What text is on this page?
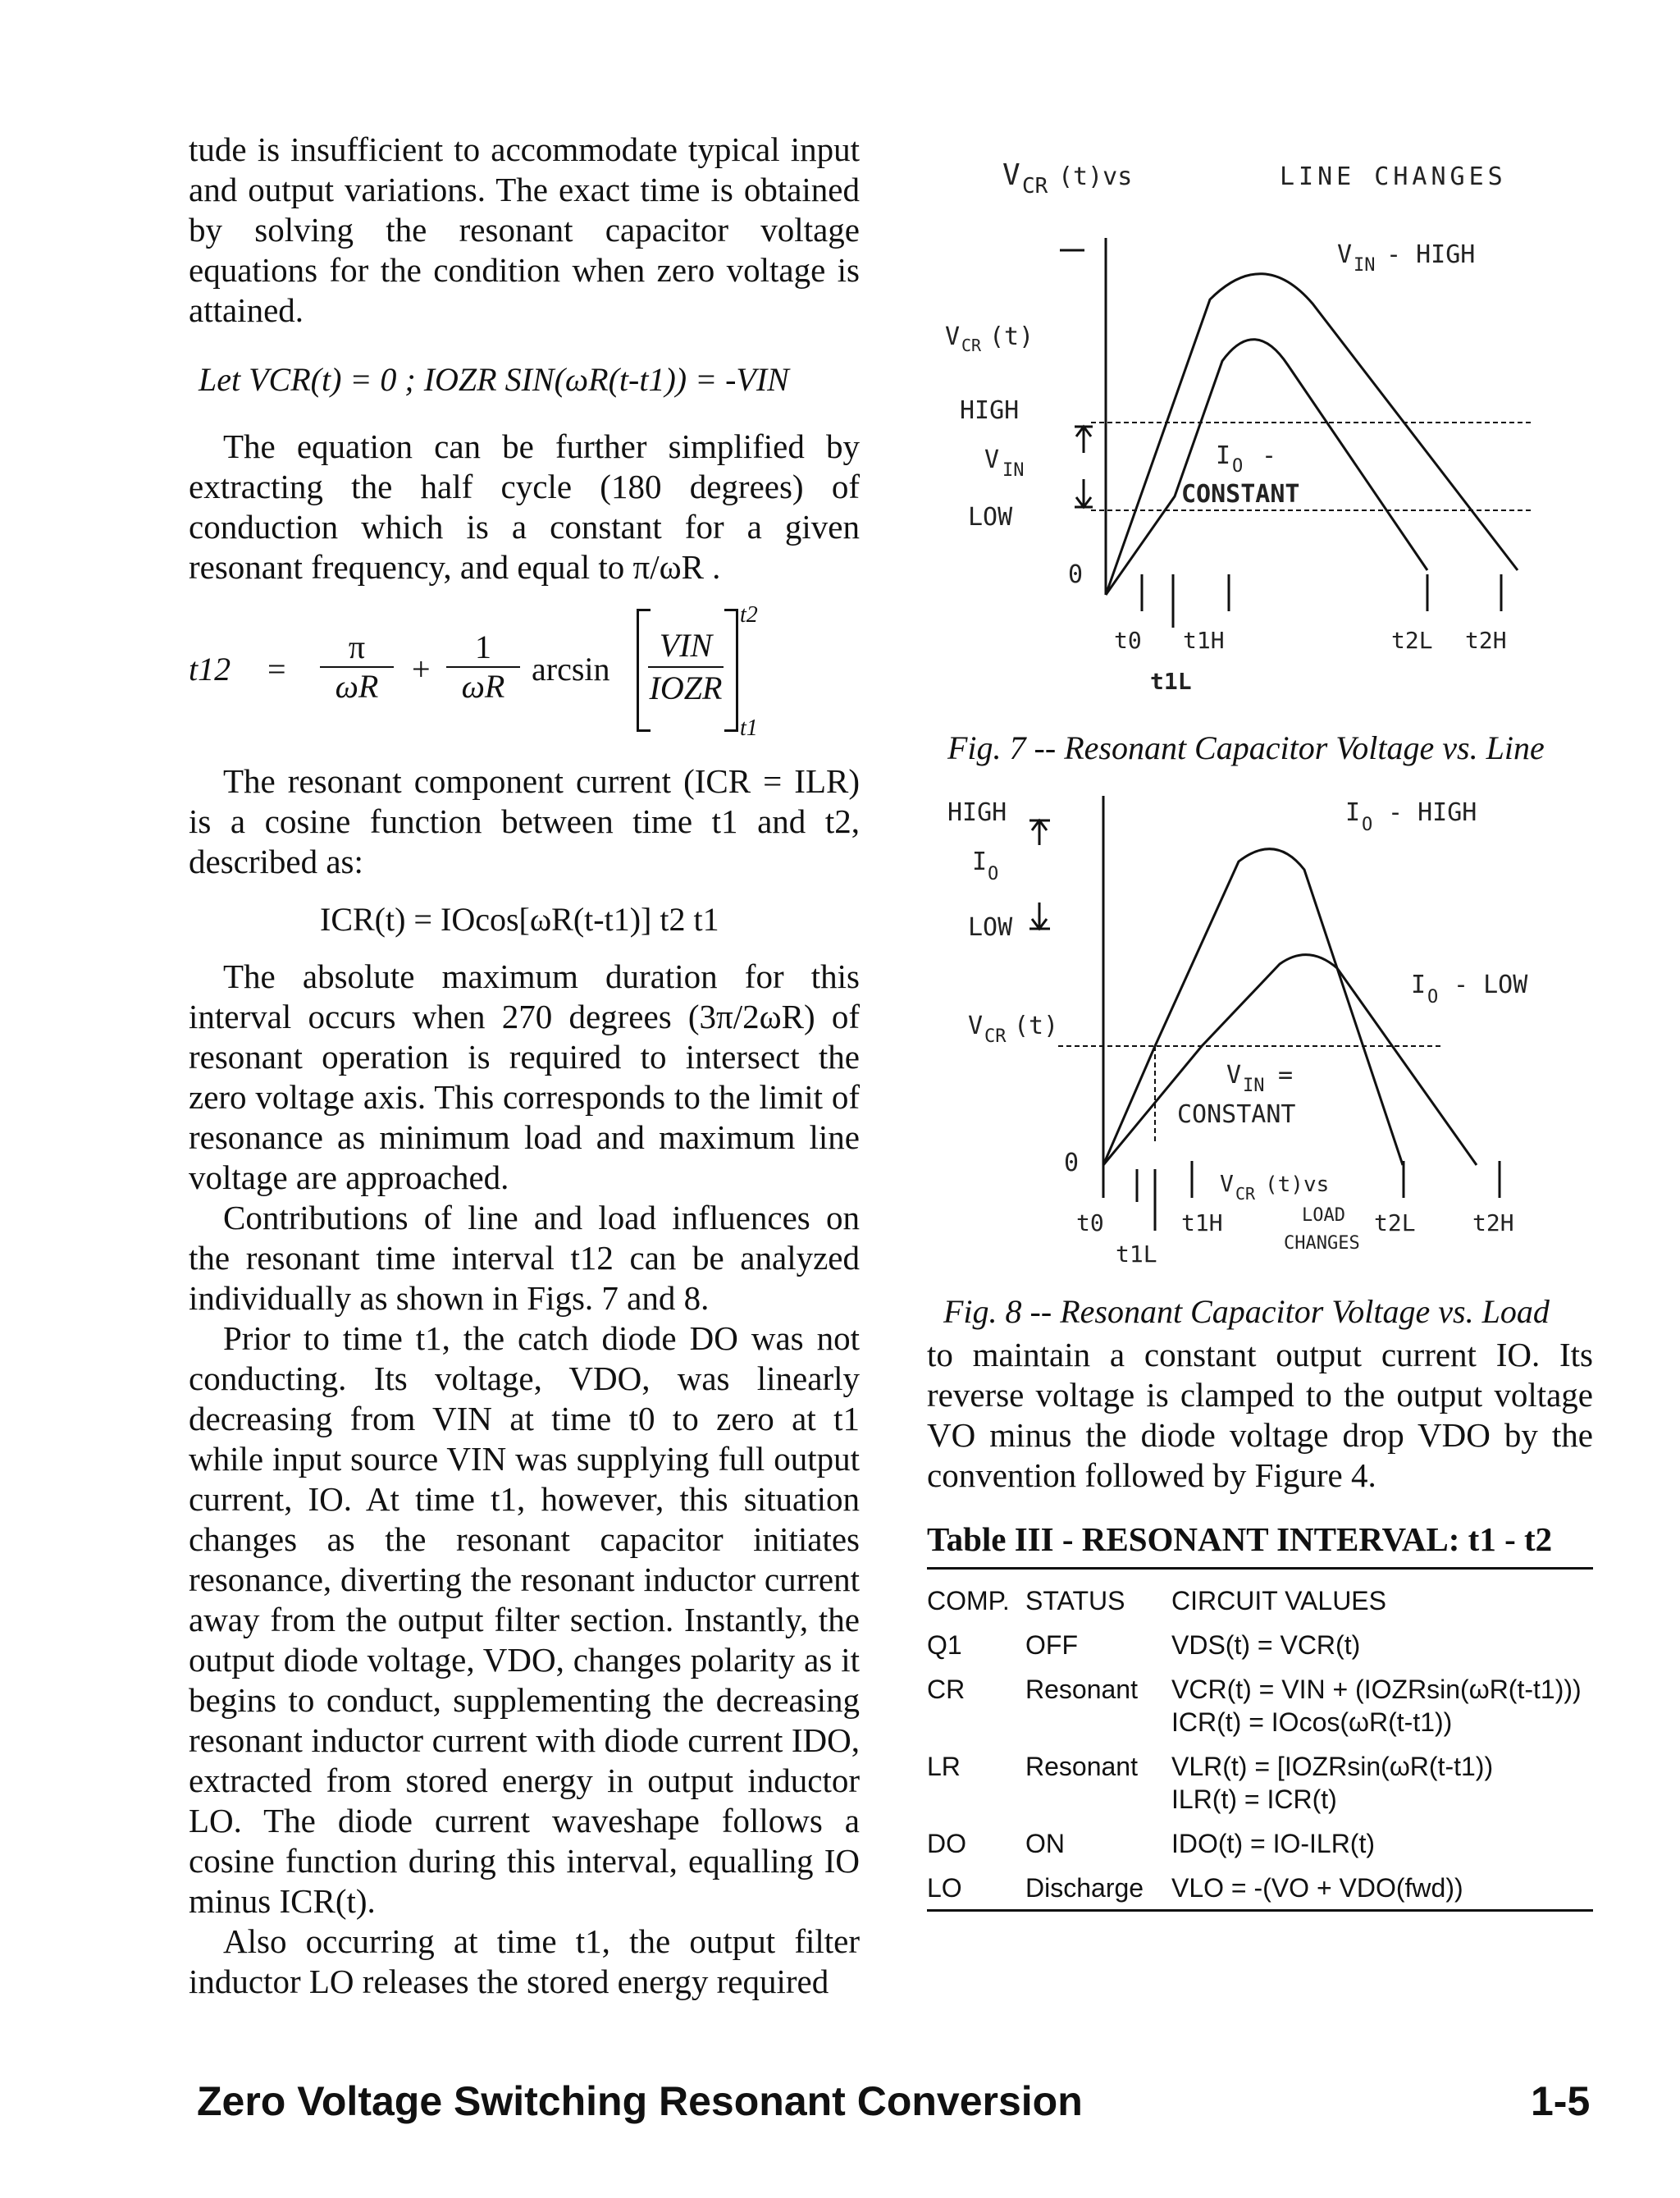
tude is insufficient to accommodate typical input and output variations. The exact time is obtained by solving the resonant capacitor voltage equations for the condition when zero voltage is attained.

Let VCR(t) = 0 ; IOZR SIN(ωR(t-t1)) = -VIN

The equation can be further simplified by extracting the half cycle (180 degrees) of conduction which is a constant for a given resonant frequency, and equal to π/ωR .

$t12 = \frac{\pi}{\omega R} + \frac{1}{\omega R}$ arcsin
VIN
IOZR
t2
t1

The resonant component current (ICR = ILR) is a cosine function between time t1 and t2, described as:

ICR(t) = IOcos[ωR(t-t1)] t2 t1

The absolute maximum duration for this interval occurs when 270 degrees (3π/2ωR) of resonant operation is required to intersect the zero voltage axis. This corresponds to the limit of resonance as minimum load and maximum line voltage are approached.

Contributions of line and load influences on the resonant time interval t12 can be analyzed individually as shown in Figs. 7 and 8.

Prior to time t1, the catch diode DO was not conducting. Its voltage, VDO, was linearly decreasing from VIN at time t0 to zero at t1 while input source VIN was supplying full output current, IO. At time t1, however, this situation changes as the resonant capacitor initiates resonance, diverting the resonant inductor current away from the output filter section. Instantly, the output diode voltage, VDO, changes polarity as it begins to conduct, supplementing the decreasing resonant inductor current with diode current IDO, extracted from stored energy in output inductor LO. The diode current waveshape follows a cosine function during this interval, equalling IO minus ICR(t).

Also occurring at time t1, the output filter inductor LO releases the stored energy required

V CR (t)vs	LINE CHANGES
V IN - HIGH
V CR (t)
HIGH
V IN
LOW
I O -
CONSTANT
0
t0 t1H	t2L t2H
t1L
Fig. 7 -- Resonant Capacitor Voltage vs. Line
HIGH
I O
LOW
I O - HIGH
I O - LOW
V CR (t)
V IN =
CONSTANT
0
V CR (t)vs
LOAD
CHANGES
t0	t1H	t2L t2H
t1L
Fig. 8 -- Resonant Capacitor Voltage vs. Load

to maintain a constant output current IO. Its reverse voltage is clamped to the output voltage VO minus the diode voltage drop VDO by the convention followed by Figure 4.

Table III - RESONANT INTERVAL: t1 - t2
COMP.	STATUS	CIRCUIT VALUES
Q1	OFF	VDS(t) = VCR(t)

CR	Resonant	VCR(t) = VIN + (IOZRsin(ωR(t-t1)))
ICR(t) = IOcos(ωR(t-t1))

LR	Resonant	VLR(t) = [IOZRsin(ωR(t-t1))
ILR(t) = ICR(t)

DO	ON	IDO(t) = IO-ILR(t)

LO	Discharge	VLO = -(VO + VDO(fwd))
Zero Voltage Switching Resonant Conversion	1-5
